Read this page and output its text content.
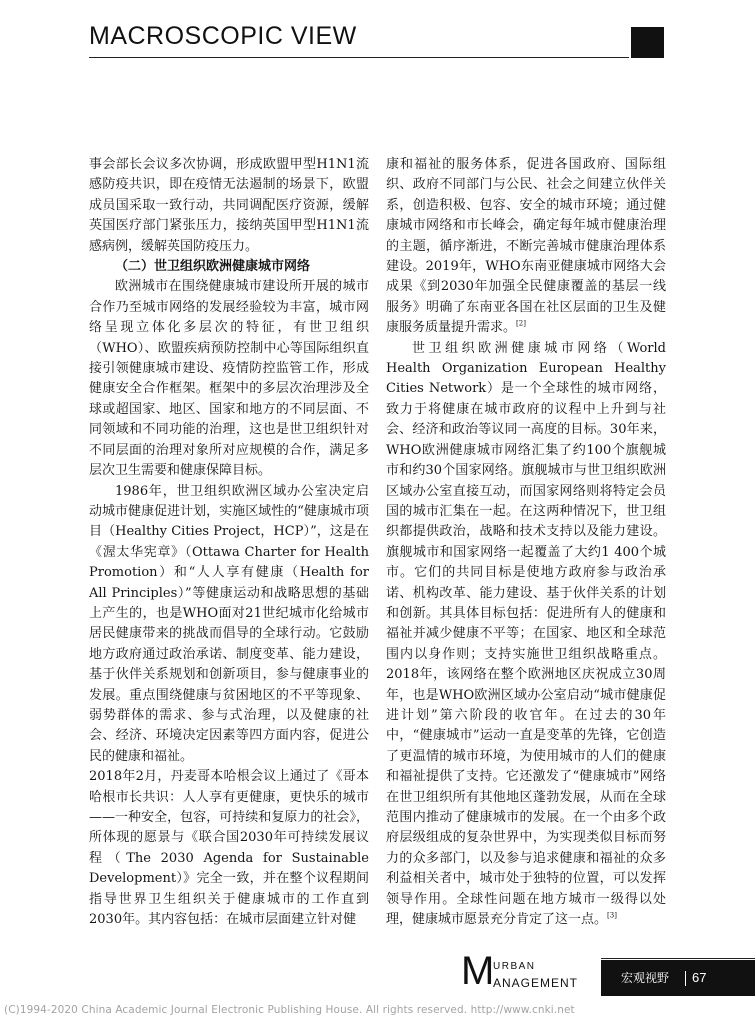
MACROSCOPIC VIEW

事会部长会议多次协调，形成欧盟甲型H1N1流感防疫共识，即在疫情无法遏制的场景下，欧盟成员国采取一致行动，共同调配医疗资源，缓解英国医疗部门紧张压力，接纳英国甲型H1N1流感病例，缓解英国防疫压力。

（二）世卫组织欧洲健康城市网络

欧洲城市在围绕健康城市建设所开展的城市合作乃至城市网络的发展经验较为丰富，城市网络呈现立体化多层次的特征，有世卫组织（WHO）、欧盟疾病预防控制中心等国际组织直接引领健康城市建设、疫情防控监管工作，形成健康安全合作框架。框架中的多层次治理涉及全球或超国家、地区、国家和地方的不同层面、不同领域和不同功能的治理，这也是世卫组织针对不同层面的治理对象所对应规模的合作，满足多层次卫生需要和健康保障目标。

1986年，世卫组织欧洲区域办公室决定启动城市健康促进计划，实施区域性的“健康城市项目（Healthy Cities Project，HCP）”，这是在《渥太华宪章》（Ottawa Charter for Health Promotion）和“人人享有健康（Health for All Principles）”等健康运动和战略思想的基础上产生的，也是WHO面对21世纪城市化给城市居民健康带来的挑战而倡导的全球行动。它鼓励地方政府通过政治承诺、制度变革、能力建设，基于伙伴关系规划和创新项目，参与健康事业的发展。重点围绕健康与贫困地区的不平等现象、弱势群体的需求、参与式治理，以及健康的社会、经济、环境决定因素等四方面内容，促进公民的健康和福祉。

2018年2月，丹麦哥本哈根会议上通过了《哥本哈根市长共识：人人享有更健康，更快乐的城市——一种安全，包容，可持续和复原力的社会》，所体现的愿景与《联合国2030年可持续发展议程（The 2030 Agenda for Sustainable Development）》完全一致，并在整个议程期间指导世界卫生组织关于健康城市的工作直到2030年。其内容包括：在城市层面建立针对健

康和福祉的服务体系，促进各国政府、国际组织、政府不同部门与公民、社会之间建立伙伴关系，创造积极、包容、安全的城市环境；通过健康城市网络和市长峰会，确定每年城市健康治理的主题，循序渐进，不断完善城市健康治理体系建设。2019年，WHO东南亚健康城市网络大会成果《到2030年加强全民健康覆盖的基层一线服务》明确了东南亚各国在社区层面的卫生及健康服务质量提升需求。[2]

世卫组织欧洲健康城市网络（World Health Organization European Healthy Cities Network）是一个全球性的城市网络，致力于将健康在城市政府的议程中上升到与社会、经济和政治等议同一高度的目标。30年来，WHO欧洲健康城市网络汇集了约100个旗舰城市和约30个国家网络。旗舰城市与世卫组织欧洲区域办公室直接互动，而国家网络则将特定会员国的城市汇集在一起。在这两种情况下，世卫组织都提供政治，战略和技术支持以及能力建设。旗舰城市和国家网络一起覆盖了大约1 400个城市。它们的共同目标是使地方政府参与政治承诺、机构改革、能力建设、基于伙伴关系的计划和创新。其具体目标包括：促进所有人的健康和福祉并减少健康不平等；在国家、地区和全球范围内以身作则；支持实施世卫组织战略重点。2018年，该网络在整个欧洲地区庆祝成立30周年，也是WHO欧洲区域办公室启动“城市健康促进计划”第六阶段的收官年。在过去的30年中，“健康城市”运动一直是变革的先锋，它创造了更温情的城市环境，为使用城市的人们的健康和福祉提供了支持。它还激发了“健康城市”网络在世卫组织所有其他地区蓬勃发展，从而在全球范围内推动了健康城市的发展。在一个由多个政府层级组成的复杂世界中，为实现类似目标而努力的众多部门，以及参与追求健康和福祉的众多利益相关者中，城市处于独特的位置，可以发挥领导作用。全球性问题在地方城市一级得以处理，健康城市愿景充分肯定了这一点。[3]

M
URBAN
ANAGEMENT	宏观视野 67
(C)1994-2020 China Academic Journal Electronic Publishing House. All rights reserved. http://www.cnki.net
